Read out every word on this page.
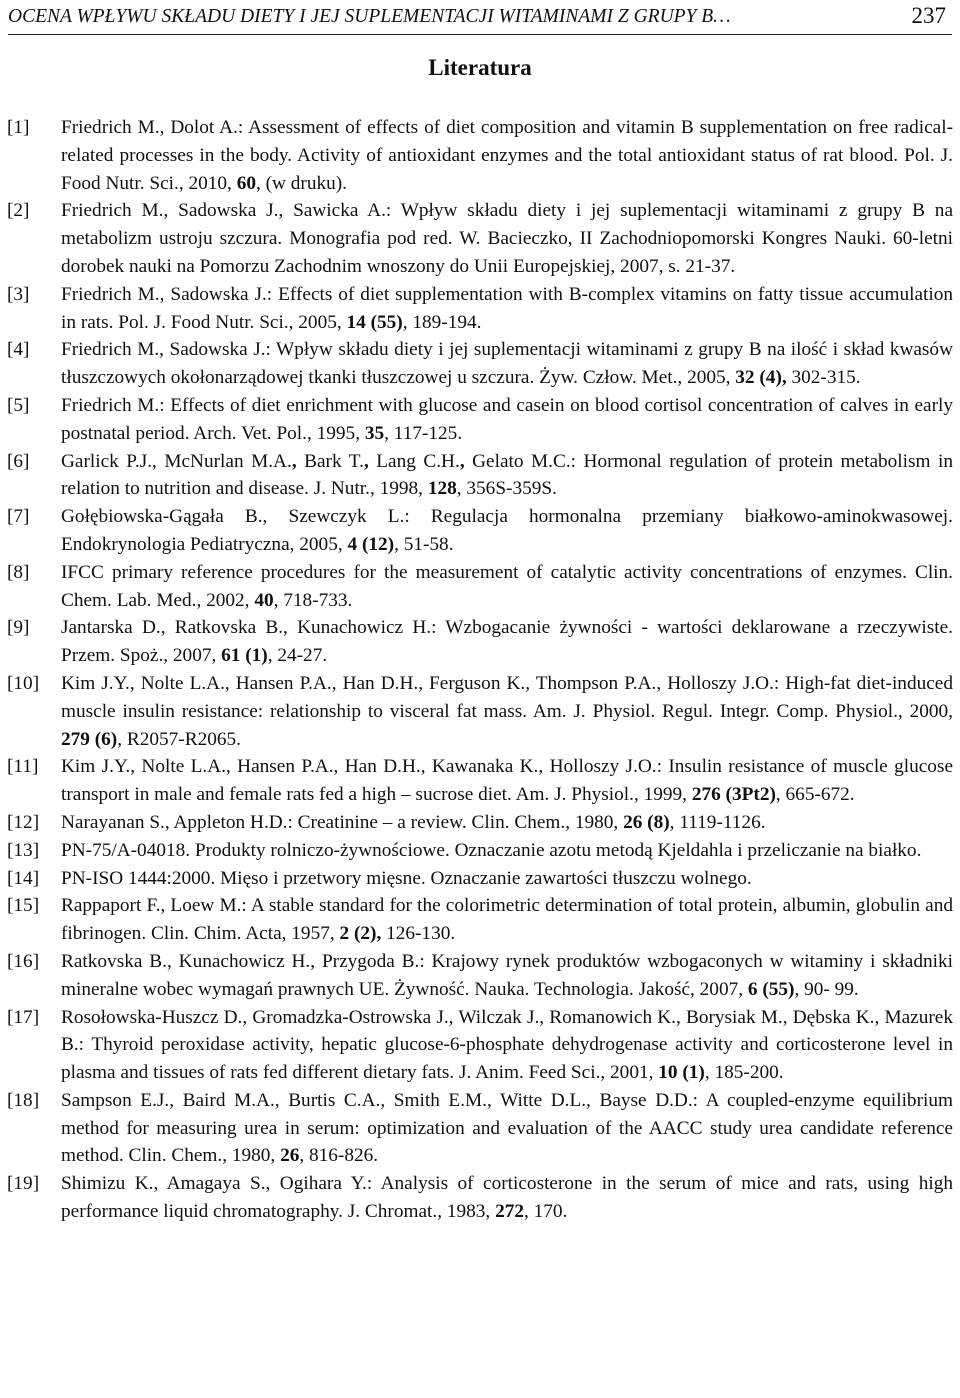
OCENA WPŁYWU SKŁADU DIETY I JEJ SUPLEMENTACJI WITAMINAMI Z GRUPY B…	237
Literatura
[1] Friedrich M., Dolot A.: Assessment of effects of diet composition and vitamin B supplementation on free radical-related processes in the body. Activity of antioxidant enzymes and the total antioxidant status of rat blood. Pol. J. Food Nutr. Sci., 2010, 60, (w druku).
[2] Friedrich M., Sadowska J., Sawicka A.: Wpływ składu diety i jej suplementacji witaminami z grupy B na metabolizm ustroju szczura. Monografia pod red. W. Bacieczko, II Zachodniopomorski Kongres Nauki. 60-letni dorobek nauki na Pomorzu Zachodnim wnoszony do Unii Europejskiej, 2007, s. 21-37.
[3] Friedrich M., Sadowska J.: Effects of diet supplementation with B-complex vitamins on fatty tissue accumulation in rats. Pol. J. Food Nutr. Sci., 2005, 14 (55), 189-194.
[4] Friedrich M., Sadowska J.: Wpływ składu diety i jej suplementacji witaminami z grupy B na ilość i skład kwasów tłuszczowych okołonarządowej tkanki tłuszczowej u szczura. Żyw. Człow. Met., 2005, 32 (4), 302-315.
[5] Friedrich M.: Effects of diet enrichment with glucose and casein on blood cortisol concentration of calves in early postnatal period. Arch. Vet. Pol., 1995, 35, 117-125.
[6] Garlick P.J., McNurlan M.A., Bark T., Lang C.H., Gelato M.C.: Hormonal regulation of protein metabolism in relation to nutrition and disease. J. Nutr., 1998, 128, 356S-359S.
[7] Gołębiowska-Gągała B., Szewczyk L.: Regulacja hormonalna przemiany białkowo-aminokwasowej. Endokrynologia Pediatryczna, 2005, 4 (12), 51-58.
[8] IFCC primary reference procedures for the measurement of catalytic activity concentrations of enzymes. Clin. Chem. Lab. Med., 2002, 40, 718-733.
[9] Jantarska D., Ratkovska B., Kunachowicz H.: Wzbogacanie żywności - wartości deklarowane a rzeczywiste. Przem. Spoż., 2007, 61 (1), 24-27.
[10] Kim J.Y., Nolte L.A., Hansen P.A., Han D.H., Ferguson K., Thompson P.A., Holloszy J.O.: High-fat diet-induced muscle insulin resistance: relationship to visceral fat mass. Am. J. Physiol. Regul. Integr. Comp. Physiol., 2000, 279 (6), R2057-R2065.
[11] Kim J.Y., Nolte L.A., Hansen P.A., Han D.H., Kawanaka K., Holloszy J.O.: Insulin resistance of muscle glucose transport in male and female rats fed a high – sucrose diet. Am. J. Physiol., 1999, 276 (3Pt2), 665-672.
[12] Narayanan S., Appleton H.D.: Creatinine – a review. Clin. Chem., 1980, 26 (8), 1119-1126.
[13] PN-75/A-04018. Produkty rolniczo-żywnościowe. Oznaczanie azotu metodą Kjeldahla i przeliczanie na białko.
[14] PN-ISO 1444:2000. Mięso i przetwory mięsne. Oznaczanie zawartości tłuszczu wolnego.
[15] Rappaport F., Loew M.: A stable standard for the colorimetric determination of total protein, albumin, globulin and fibrinogen. Clin. Chim. Acta, 1957, 2 (2), 126-130.
[16] Ratkovska B., Kunachowicz H., Przygoda B.: Krajowy rynek produktów wzbogaconych w witaminy i składniki mineralne wobec wymagań prawnych UE. Żywność. Nauka. Technologia. Jakość, 2007, 6 (55), 90- 99.
[17] Rosołowska-Huszcz D., Gromadzka-Ostrowska J., Wilczak J., Romanowich K., Borysiak M., Dębska K., Mazurek B.: Thyroid peroxidase activity, hepatic glucose-6-phosphate dehydrogenase activity and corticosterone level in plasma and tissues of rats fed different dietary fats. J. Anim. Feed Sci., 2001, 10 (1), 185-200.
[18] Sampson E.J., Baird M.A., Burtis C.A., Smith E.M., Witte D.L., Bayse D.D.: A coupled-enzyme equilibrium method for measuring urea in serum: optimization and evaluation of the AACC study urea candidate reference method. Clin. Chem., 1980, 26, 816-826.
[19] Shimizu K., Amagaya S., Ogihara Y.: Analysis of corticosterone in the serum of mice and rats, using high performance liquid chromatography. J. Chromat., 1983, 272, 170.
